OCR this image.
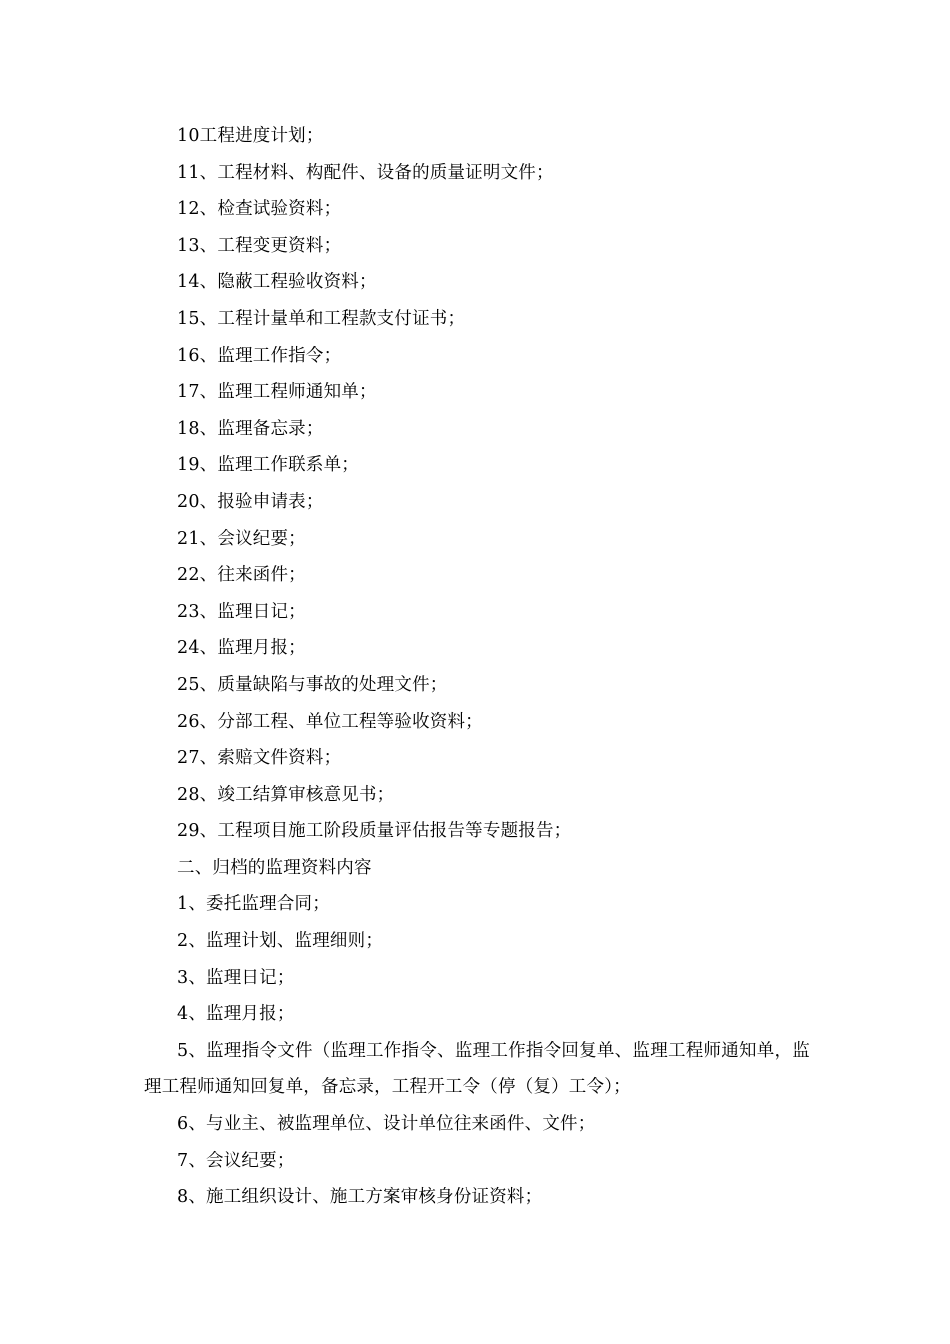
10工程进度计划；
11、工程材料、构配件、设备的质量证明文件；
12、检查试验资料；
13、工程变更资料；
14、隐蔽工程验收资料；
15、工程计量单和工程款支付证书；
16、监理工作指令；
17、监理工程师通知单；
18、监理备忘录；
19、监理工作联系单；
20、报验申请表；
21、会议纪要；
22、往来函件；
23、监理日记；
24、监理月报；
25、质量缺陷与事故的处理文件；
26、分部工程、单位工程等验收资料；
27、索赔文件资料；
28、竣工结算审核意见书；
29、工程项目施工阶段质量评估报告等专题报告；
二、归档的监理资料内容
1、委托监理合同；
2、监理计划、监理细则；
3、监理日记；
4、监理月报；
5、监理指令文件（监理工作指令、监理工作指令回复单、监理工程师通知单，监理工程师通知回复单，备忘录，工程开工令（停（复）工令）；
6、与业主、被监理单位、设计单位往来函件、文件；
7、会议纪要；
8、施工组织设计、施工方案审核身份证资料；
